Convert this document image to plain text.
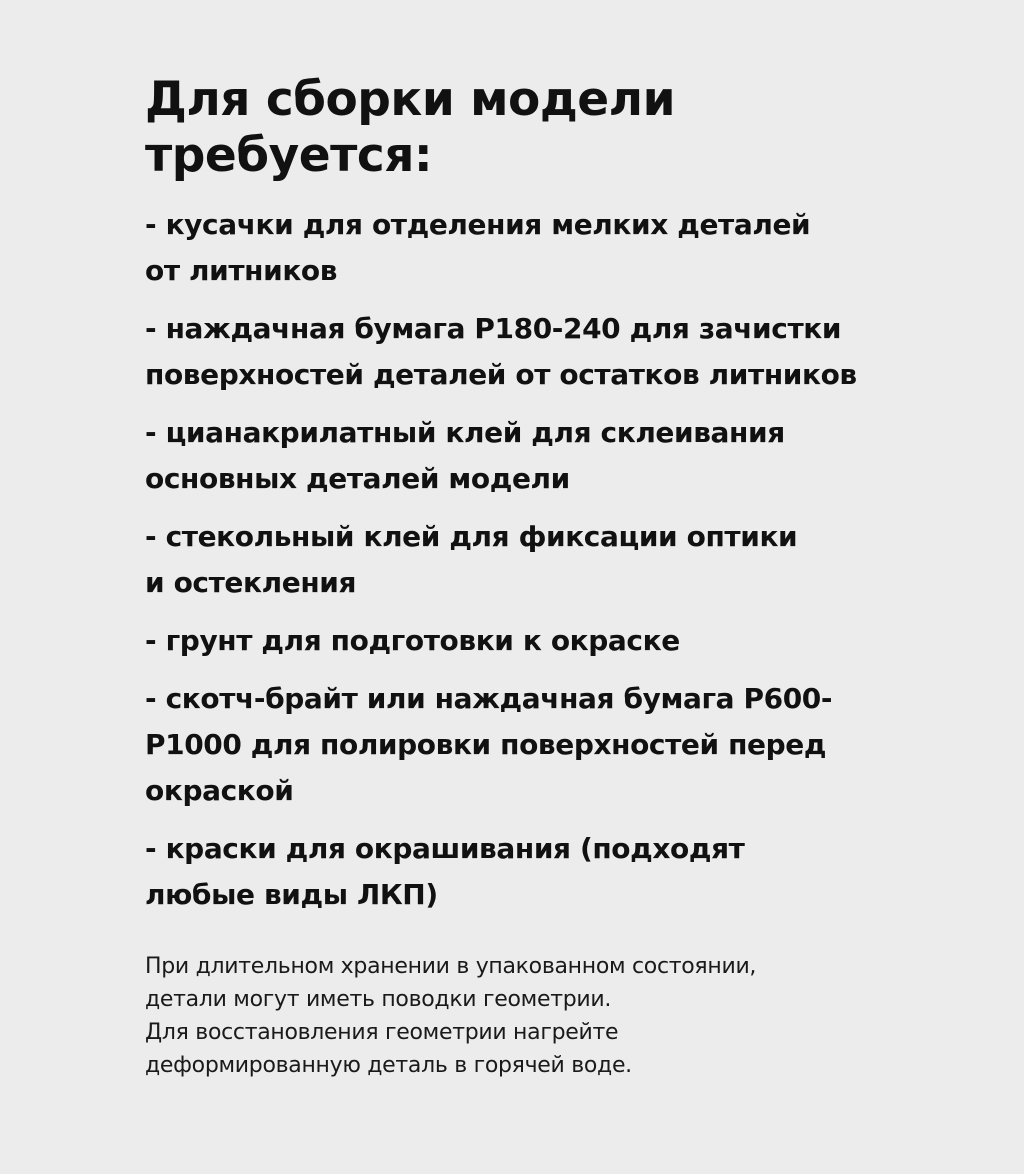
Для сборки модели
требуется:
- кусачки для отделения мелких деталей
от литников
- наждачная бумага Р180-240 для зачистки
поверхностей деталей от остатков литников
- цианакрилатный клей для склеивания
основных деталей модели
- стекольный клей для фиксации оптики
и остекления
- грунт для подготовки к окраске
- скотч-брайт или наждачная бумага Р600-
Р1000 для полировки поверхностей перед
окраской
- краски для окрашивания (подходят
любые виды ЛКП)

При длительном хранении в упакованном состоянии,
детали могут иметь поводки геометрии.
Для восстановления геометрии нагрейте
деформированную деталь в горячей воде.
